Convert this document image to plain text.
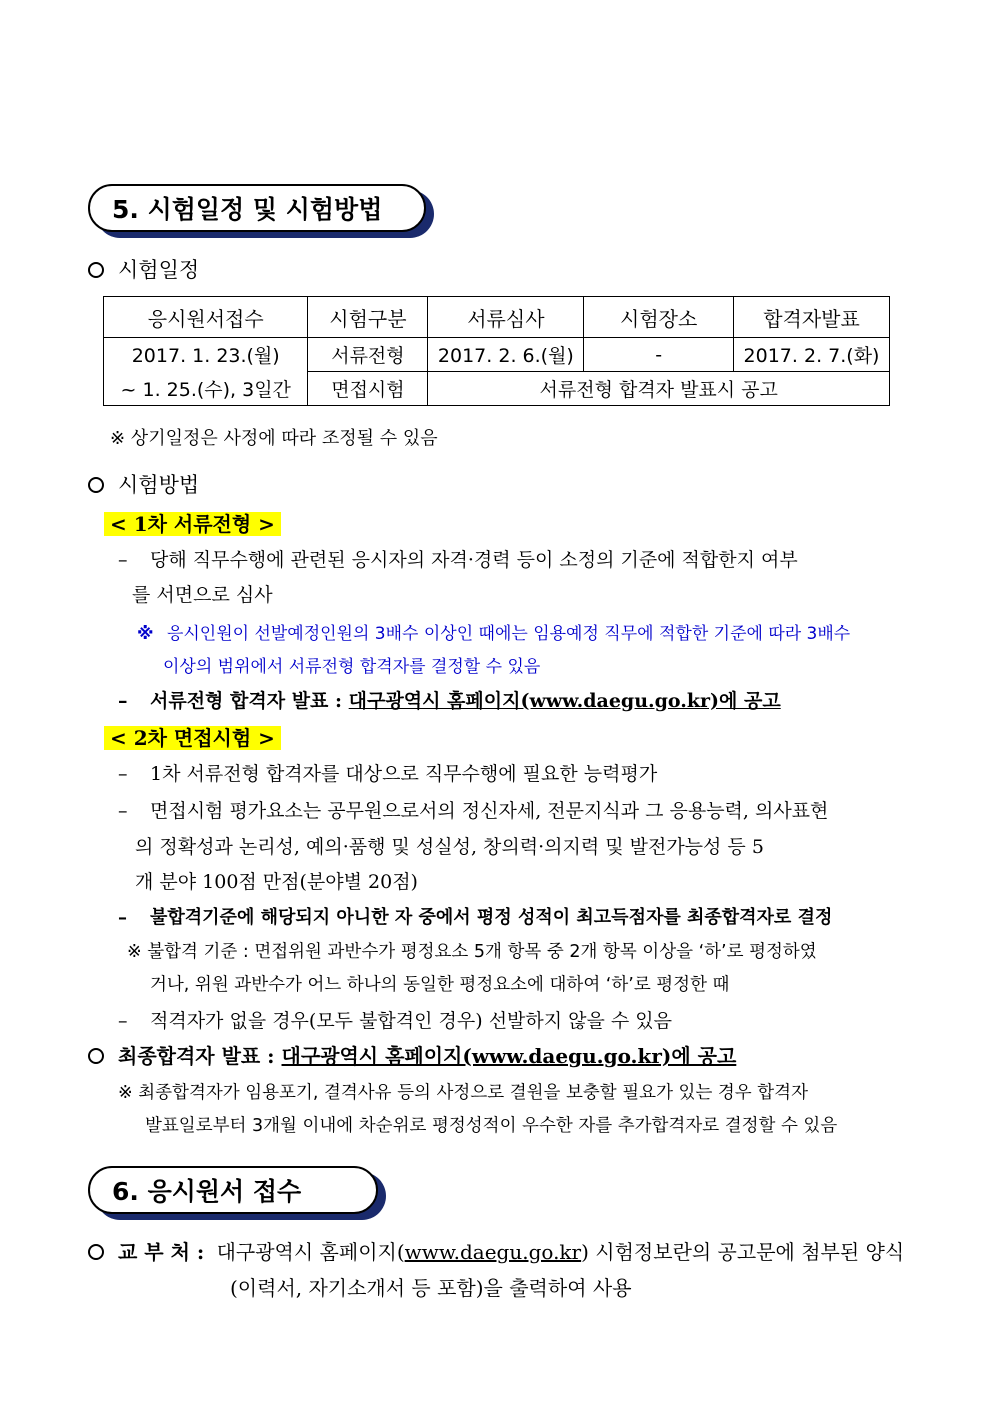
5. 시험일정 및 시험방법
시험일정
응시원서접수	시험구분	서류심사	시험장소	합격자발표
2017. 1. 23.(월)	서류전형	2017. 2. 6.(월)	-	2017. 2. 7.(화)
~ 1. 25.(수), 3일간	면접시험	서류전형 합격자 발표시 공고		
※ 상기일정은 사정에 따라 조정될 수 있음
시험방법
< 1차 서류전형 >
– 당해 직무수행에 관련된 응시자의 자격·경력 등이 소정의 기준에 적합한지 여부
를 서면으로 심사
※ 응시인원이 선발예정인원의 3배수 이상인 때에는 임용예정 직무에 적합한 기준에 따라 3배수
이상의 범위에서 서류전형 합격자를 결정할 수 있음
– 서류전형 합격자 발표 : 대구광역시 홈페이지(www.daegu.go.kr)에 공고
< 2차 면접시험 >
– 1차 서류전형 합격자를 대상으로 직무수행에 필요한 능력평가
– 면접시험 평가요소는 공무원으로서의 정신자세, 전문지식과 그 응용능력, 의사표현
의 정확성과 논리성, 예의·품행 및 성실성, 창의력·의지력 및 발전가능성 등 5
개 분야 100점 만점(분야별 20점)
– 불합격기준에 해당되지 아니한 자 중에서 평정 성적이 최고득점자를 최종합격자로 결정
※ 불합격 기준 : 면접위원 과반수가 평정요소 5개 항목 중 2개 항목 이상을 ‘하’로 평정하였
거나, 위원 과반수가 어느 하나의 동일한 평정요소에 대하여 ‘하’로 평정한 때
– 적격자가 없을 경우(모두 불합격인 경우) 선발하지 않을 수 있음
최종합격자 발표 : 대구광역시 홈페이지(www.daegu.go.kr)에 공고
※ 최종합격자가 임용포기, 결격사유 등의 사정으로 결원을 보충할 필요가 있는 경우 합격자
발표일로부터 3개월 이내에 차순위로 평정성적이 우수한 자를 추가합격자로 결정할 수 있음
6. 응시원서 접수
교 부 처 : 대구광역시 홈페이지(www.daegu.go.kr) 시험정보란의 공고문에 첨부된 양식
(이력서, 자기소개서 등 포함)을 출력하여 사용
